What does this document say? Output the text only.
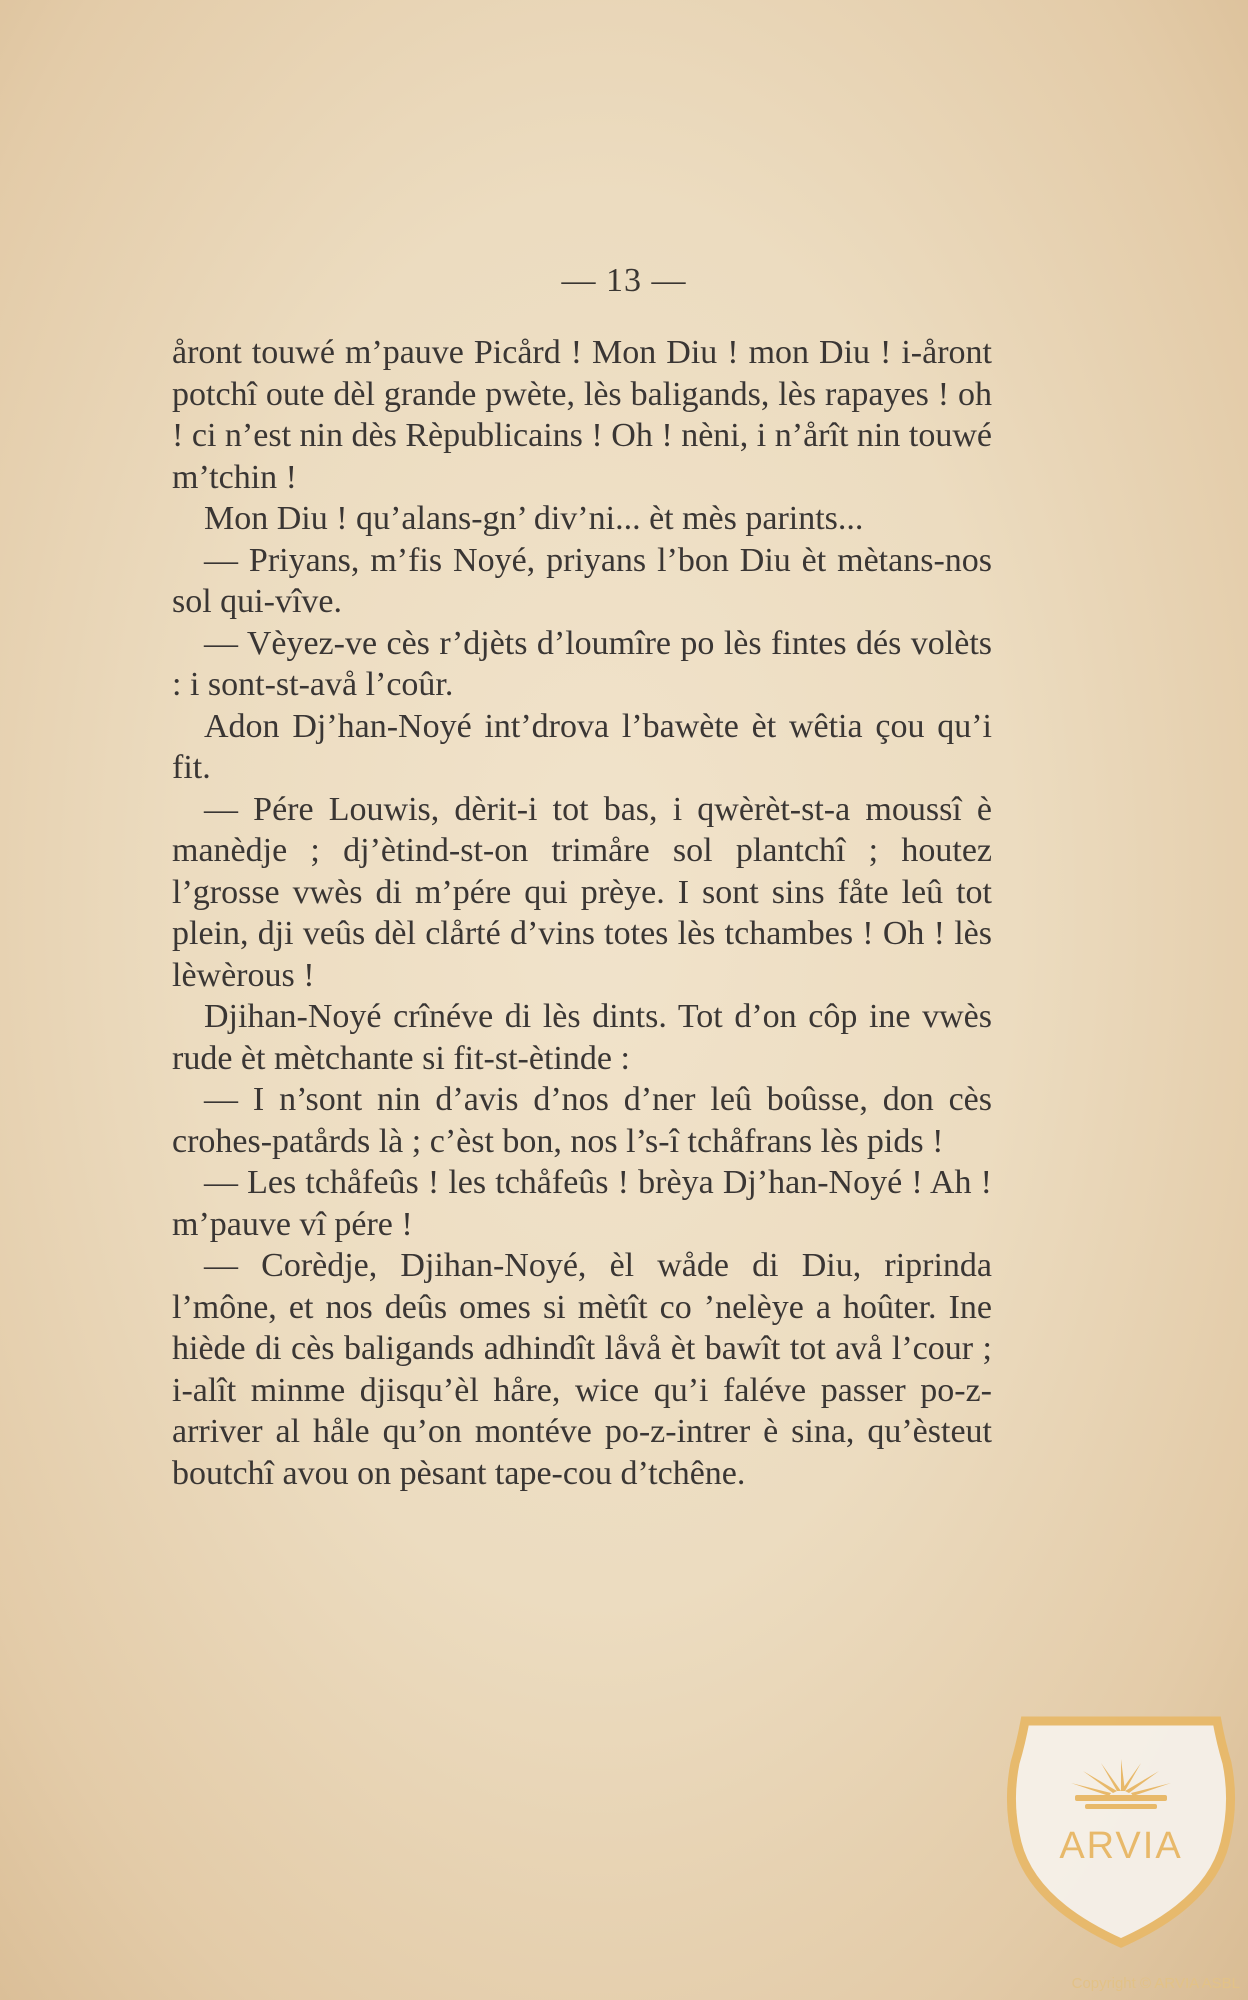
— 13 —

åront touwé m’pauve Picård ! Mon Diu ! mon Diu ! i-åront potchî oute dèl grande pwète, lès baligands, lès rapayes ! oh ! ci n’est nin dès Rèpublicains ! Oh ! nèni, i n’årît nin touwé m’tchin !

Mon Diu ! qu’alans-gn’ div’ni... èt mès parints...

— Priyans, m’fis Noyé, priyans l’bon Diu èt mètans-nos sol qui-vîve.

— Vèyez-ve cès r’djèts d’loumîre po lès fintes dés volèts : i sont-st-avå l’coûr.

Adon Dj’han-Noyé int’drova l’bawète èt wêtia çou qu’i fit.

— Pére Louwis, dèrit-i tot bas, i qwèrèt-st-a moussî è manèdje ; dj’ètind-st-on trimåre sol plantchî ; houtez l’grosse vwès di m’pére qui prèye. I sont sins fåte leû tot plein, dji veûs dèl clårté d’vins totes lès tchambes ! Oh ! lès lèwèrous !

Djihan-Noyé crînéve di lès dints. Tot d’on côp ine vwès rude èt mètchante si fit-st-ètinde :

— I n’sont nin d’avis d’nos d’ner leû boûsse, don cès crohes-patårds là ; c’èst bon, nos l’s-î tchåfrans lès pids !

— Les tchåfeûs ! les tchåfeûs ! brèya Dj’han-Noyé ! Ah ! m’pauve vî pére !

— Corèdje, Djihan-Noyé, èl wåde di Diu, riprinda l’mône, et nos deûs omes si mètît co ’nelèye a hoûter. Ine hiède di cès baligands adhindît låvå èt bawît tot avå l’cour ; i-alît minme djisqu’èl håre, wice qu’i faléve passer po-z-arriver al håle qu’on montéve po-z-intrer è sina, qu’èsteut boutchî avou on pèsant tape-cou d’tchêne.

ARVIA
Copyright © ARVIA ASBL
